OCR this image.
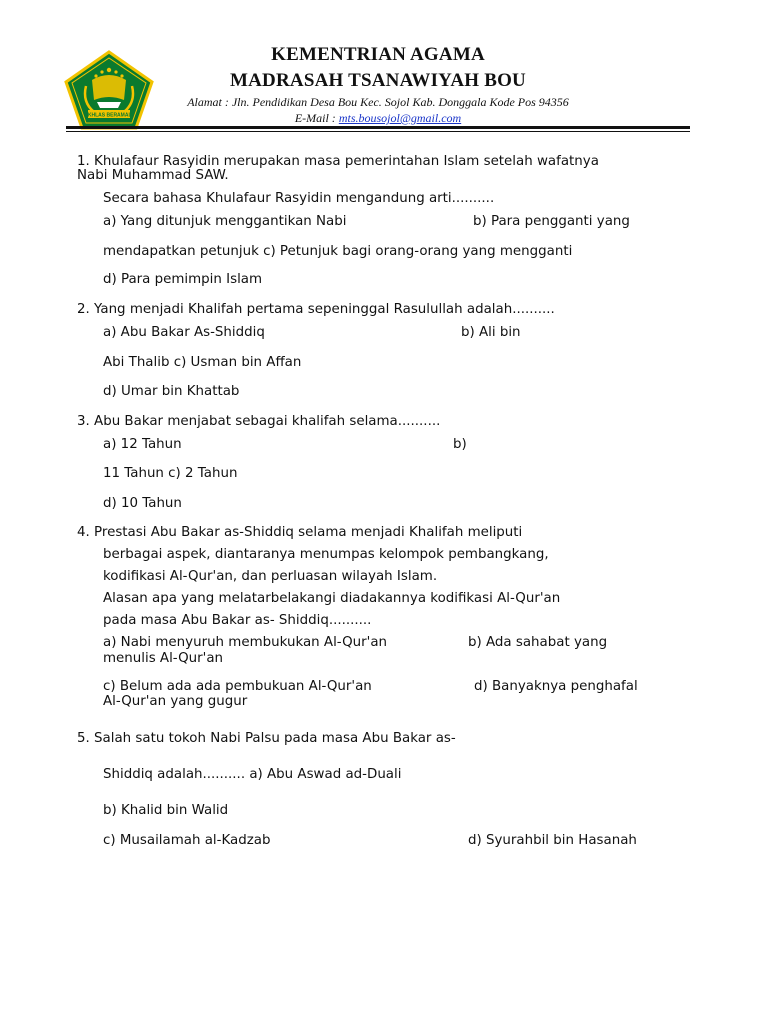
IKHLAS BERAMAL
KEMENTRIAN AGAMA
MADRASAH TSANAWIYAH BOU
Alamat : Jln. Pendidikan Desa Bou Kec. Sojol Kab. Donggala Kode Pos 94356
E-Mail : mts.bousojol@gmail.com
1. Khulafaur Rasyidin merupakan masa pemerintahan Islam setelah wafatnya
Nabi Muhammad SAW.
Secara bahasa Khulafaur Rasyidin mengandung arti..........
a) Yang ditunjuk menggantikan Nabi	b) Para pengganti yang
mendapatkan petunjuk c) Petunjuk bagi orang-orang yang mengganti
d) Para pemimpin Islam
2. Yang menjadi Khalifah pertama sepeninggal Rasulullah adalah..........
a) Abu Bakar As-Shiddiq	b) Ali bin
Abi Thalib c) Usman bin Affan
d) Umar bin Khattab
3. Abu Bakar menjabat sebagai khalifah selama..........
a) 12 Tahun	b)
11 Tahun c) 2 Tahun
d) 10 Tahun
4. Prestasi Abu Bakar as-Shiddiq selama menjadi Khalifah meliputi
berbagai aspek, diantaranya menumpas kelompok pembangkang,
kodifikasi Al-Qur'an, dan perluasan wilayah Islam.
Alasan apa yang melatarbelakangi diadakannya kodifikasi Al-Qur'an
pada masa Abu Bakar as- Shiddiq..........
a) Nabi menyuruh membukukan Al-Qur'an	b) Ada sahabat yang
menulis Al-Qur'an
c) Belum ada ada pembukuan Al-Qur'an	d) Banyaknya penghafal
Al-Qur'an yang gugur
5. Salah satu tokoh Nabi Palsu pada masa Abu Bakar as-
Shiddiq adalah.......... a) Abu Aswad ad-Duali
b) Khalid bin Walid
c) Musailamah al-Kadzab	d) Syurahbil bin Hasanah
